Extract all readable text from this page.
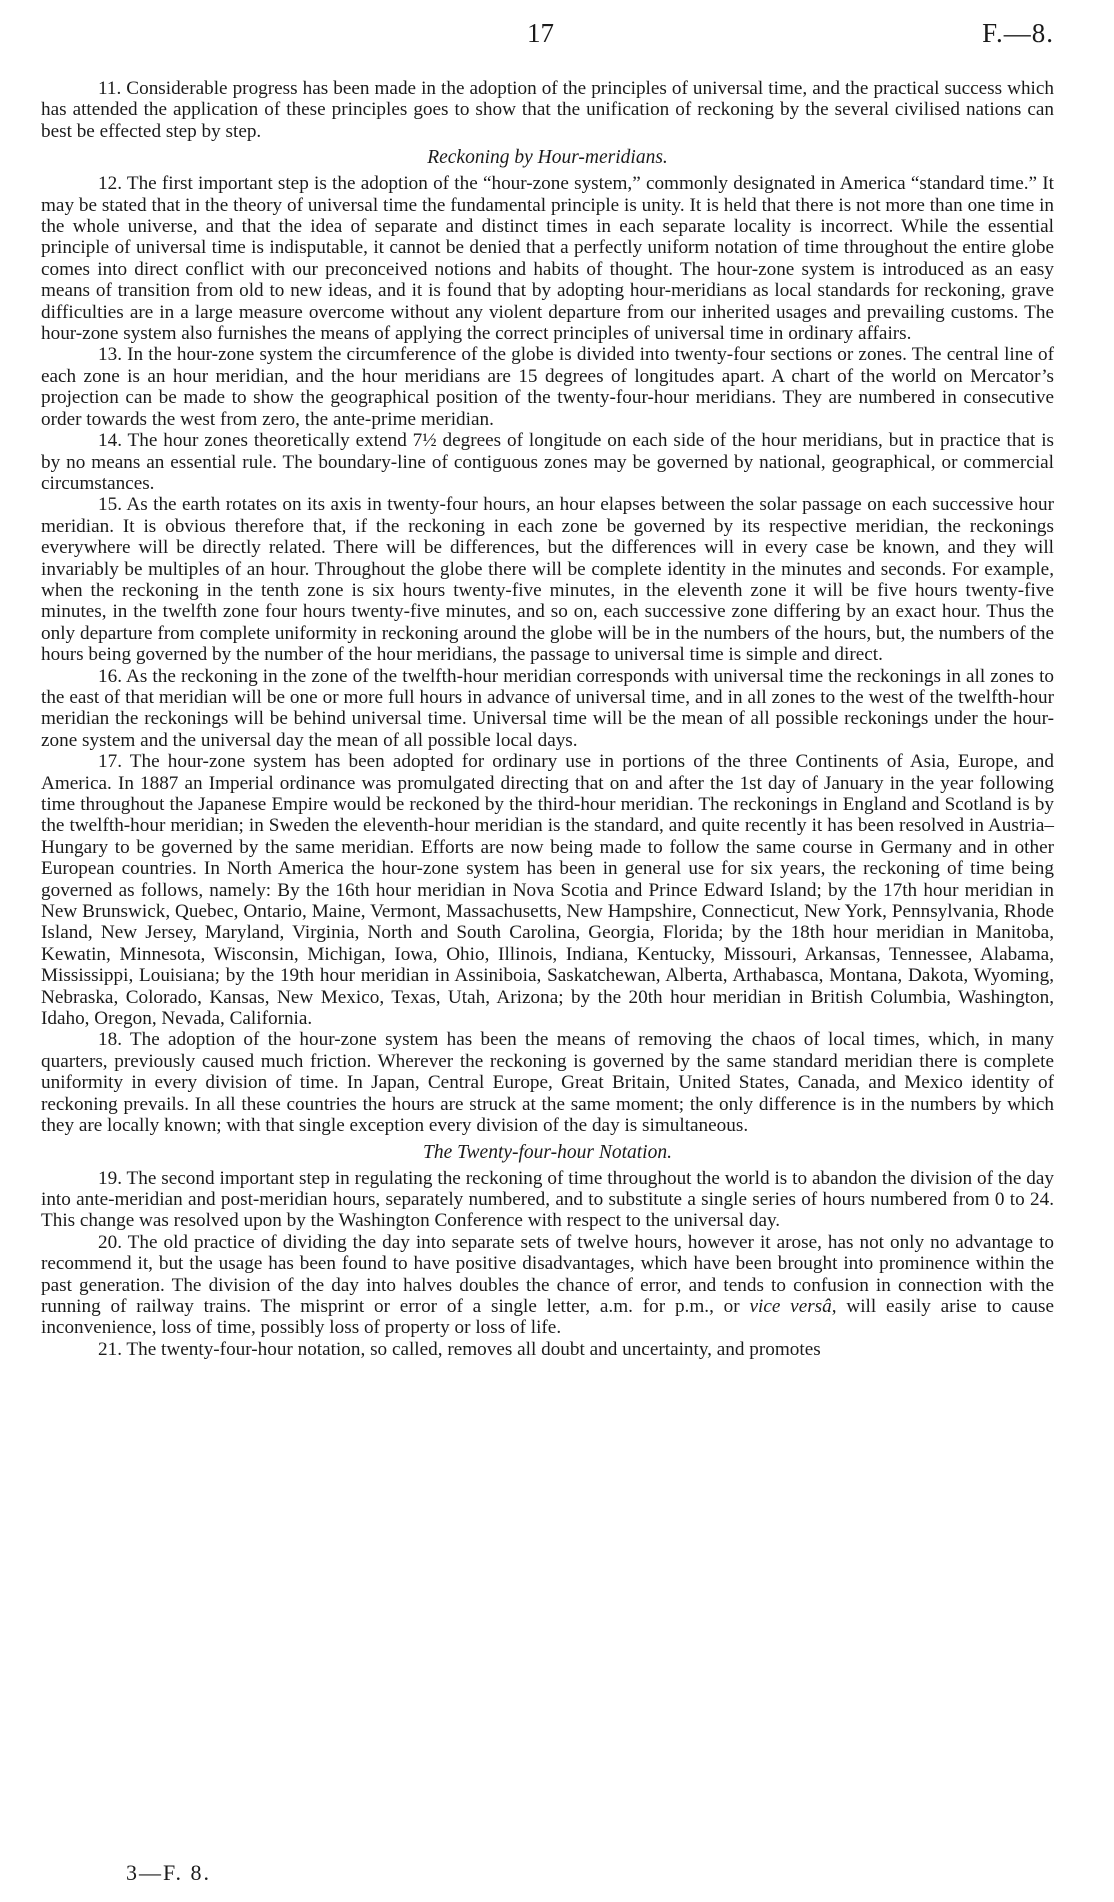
17	F.—8.

11. Considerable progress has been made in the adoption of the principles of universal time, and the practical success which has attended the application of these principles goes to show that the unification of reckoning by the several civilised nations can best be effected step by step.

Reckoning by Hour-meridians.

12. The first important step is the adoption of the “hour-zone system,” commonly designated in America “standard time.” It may be stated that in the theory of universal time the fundamental principle is unity. It is held that there is not more than one time in the whole universe, and that the idea of separate and distinct times in each separate locality is incorrect. While the essential principle of universal time is indisputable, it cannot be denied that a perfectly uniform notation of time throughout the entire globe comes into direct conflict with our preconceived notions and habits of thought. The hour-zone system is introduced as an easy means of transition from old to new ideas, and it is found that by adopting hour-meridians as local standards for reckoning, grave difficulties are in a large measure overcome without any violent departure from our inherited usages and prevailing customs. The hour-zone system also furnishes the means of applying the correct principles of universal time in ordinary affairs.

13. In the hour-zone system the circumference of the globe is divided into twenty-four sections or zones. The central line of each zone is an hour meridian, and the hour meridians are 15 degrees of longitudes apart. A chart of the world on Mercator’s projection can be made to show the geographical position of the twenty-four-hour meridians. They are numbered in consecutive order towards the west from zero, the ante-prime meridian.

14. The hour zones theoretically extend 7½ degrees of longitude on each side of the hour meridians, but in practice that is by no means an essential rule. The boundary-line of contiguous zones may be governed by national, geographical, or commercial circumstances.

15. As the earth rotates on its axis in twenty-four hours, an hour elapses between the solar passage on each successive hour meridian. It is obvious therefore that, if the reckoning in each zone be governed by its respective meridian, the reckonings everywhere will be directly related. There will be differences, but the differences will in every case be known, and they will invariably be multiples of an hour. Throughout the globe there will be complete identity in the minutes and seconds. For example, when the reckoning in the tenth zone is six hours twenty-five minutes, in the eleventh zone it will be five hours twenty-five minutes, in the twelfth zone four hours twenty-five minutes, and so on, each successive zone differing by an exact hour. Thus the only departure from complete uniformity in reckoning around the globe will be in the numbers of the hours, but, the numbers of the hours being governed by the number of the hour meridians, the passage to universal time is simple and direct.

16. As the reckoning in the zone of the twelfth-hour meridian corresponds with universal time the reckonings in all zones to the east of that meridian will be one or more full hours in advance of universal time, and in all zones to the west of the twelfth-hour meridian the reckonings will be behind universal time. Universal time will be the mean of all possible reckonings under the hour-zone system and the universal day the mean of all possible local days.

17. The hour-zone system has been adopted for ordinary use in portions of the three Continents of Asia, Europe, and America. In 1887 an Imperial ordinance was promulgated directing that on and after the 1st day of January in the year following time throughout the Japanese Empire would be reckoned by the third-hour meridian. The reckonings in England and Scotland is by the twelfth-hour meridian; in Sweden the eleventh-hour meridian is the standard, and quite recently it has been resolved in Austria–Hungary to be governed by the same meridian. Efforts are now being made to follow the same course in Germany and in other European countries. In North America the hour-zone system has been in general use for six years, the reckoning of time being governed as follows, namely: By the 16th hour meridian in Nova Scotia and Prince Edward Island; by the 17th hour meridian in New Brunswick, Quebec, Ontario, Maine, Vermont, Massachusetts, New Hampshire, Connecticut, New York, Pennsylvania, Rhode Island, New Jersey, Maryland, Virginia, North and South Carolina, Georgia, Florida; by the 18th hour meridian in Manitoba, Kewatin, Minnesota, Wisconsin, Michigan, Iowa, Ohio, Illinois, Indiana, Kentucky, Missouri, Arkansas, Tennessee, Alabama, Mississippi, Louisiana; by the 19th hour meridian in Assiniboia, Saskatchewan, Alberta, Arthabasca, Montana, Dakota, Wyoming, Nebraska, Colorado, Kansas, New Mexico, Texas, Utah, Arizona; by the 20th hour meridian in British Columbia, Washington, Idaho, Oregon, Nevada, California.

18. The adoption of the hour-zone system has been the means of removing the chaos of local times, which, in many quarters, previously caused much friction. Wherever the reckoning is governed by the same standard meridian there is complete uniformity in every division of time. In Japan, Central Europe, Great Britain, United States, Canada, and Mexico identity of reckoning prevails. In all these countries the hours are struck at the same moment; the only difference is in the numbers by which they are locally known; with that single exception every division of the day is simultaneous.

The Twenty-four-hour Notation.

19. The second important step in regulating the reckoning of time throughout the world is to abandon the division of the day into ante-meridian and post-meridian hours, separately numbered, and to substitute a single series of hours numbered from 0 to 24. This change was resolved upon by the Washington Conference with respect to the universal day.

20. The old practice of dividing the day into separate sets of twelve hours, however it arose, has not only no advantage to recommend it, but the usage has been found to have positive disadvantages, which have been brought into prominence within the past generation. The division of the day into halves doubles the chance of error, and tends to confusion in connection with the running of railway trains. The misprint or error of a single letter, a.m. for p.m., or vice versâ, will easily arise to cause inconvenience, loss of time, possibly loss of property or loss of life.

21. The twenty-four-hour notation, so called, removes all doubt and uncertainty, and promotes

3—F. 8.
